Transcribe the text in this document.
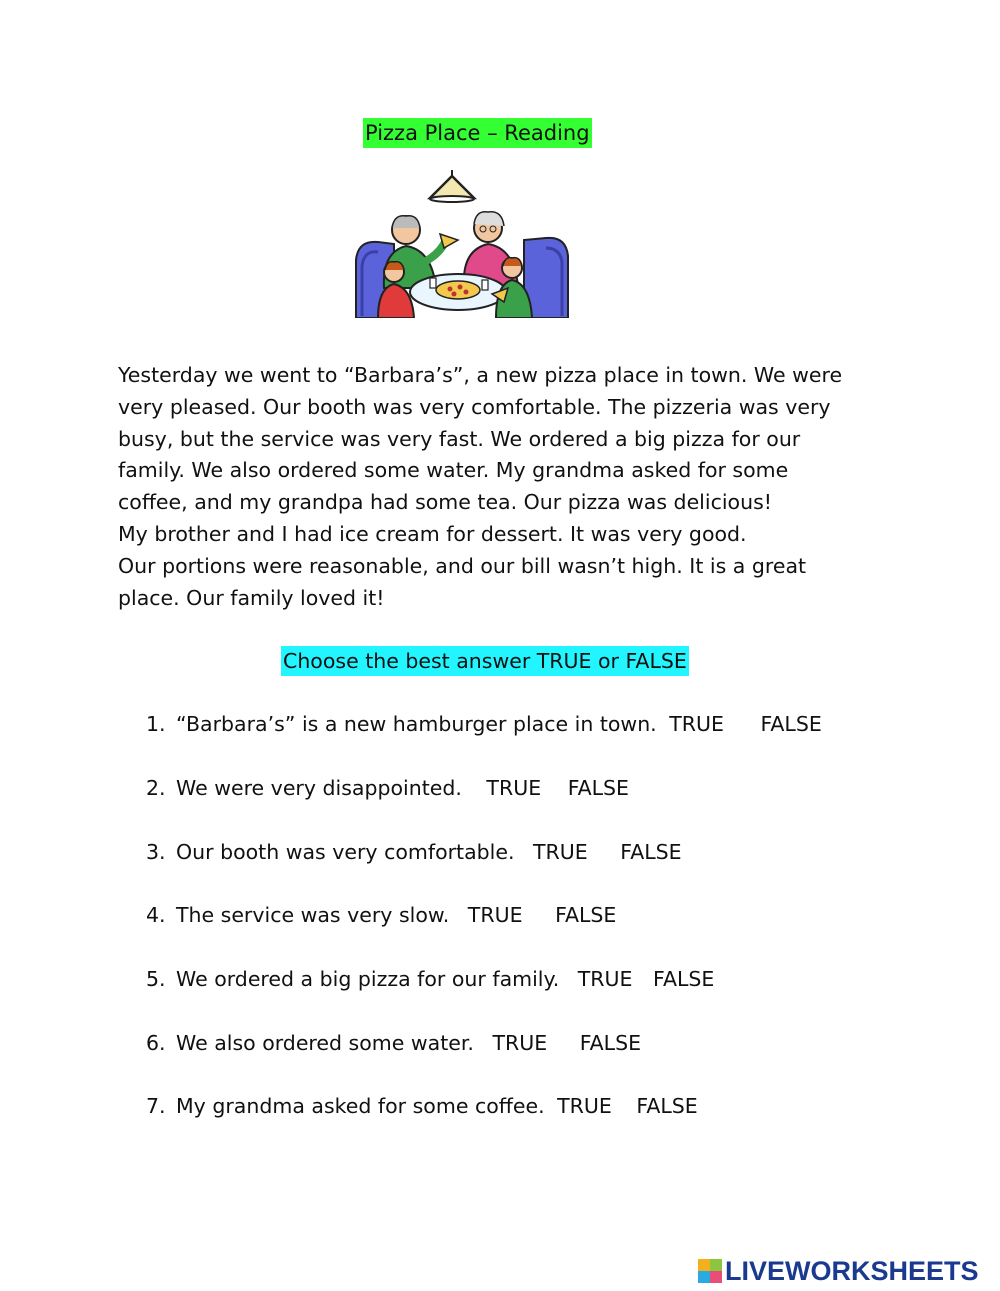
Pizza Place – Reading

Yesterday we went to “Barbara’s”, a new pizza place in town. We were

very pleased. Our booth was very comfortable. The pizzeria was very

busy, but the service was very fast. We ordered a big pizza for our

family. We also ordered some water. My grandma asked for some

coffee, and my grandpa had some tea. Our pizza was delicious!

My brother and I had ice cream for dessert. It was very good.

Our portions were reasonable, and our bill wasn’t high. It is a great

place. Our family loved it!

Choose the best answer TRUE or FALSE
1. “Barbara’s” is a new hamburger place in town. TRUE FALSE
2. We were very disappointed. TRUE FALSE
3. Our booth was very comfortable. TRUE FALSE
4. The service was very slow. TRUE FALSE
5. We ordered a big pizza for our family. TRUE FALSE
6. We also ordered some water. TRUE FALSE
7. My grandma asked for some coffee. TRUE FALSE
LIVEWORKSHEETS
